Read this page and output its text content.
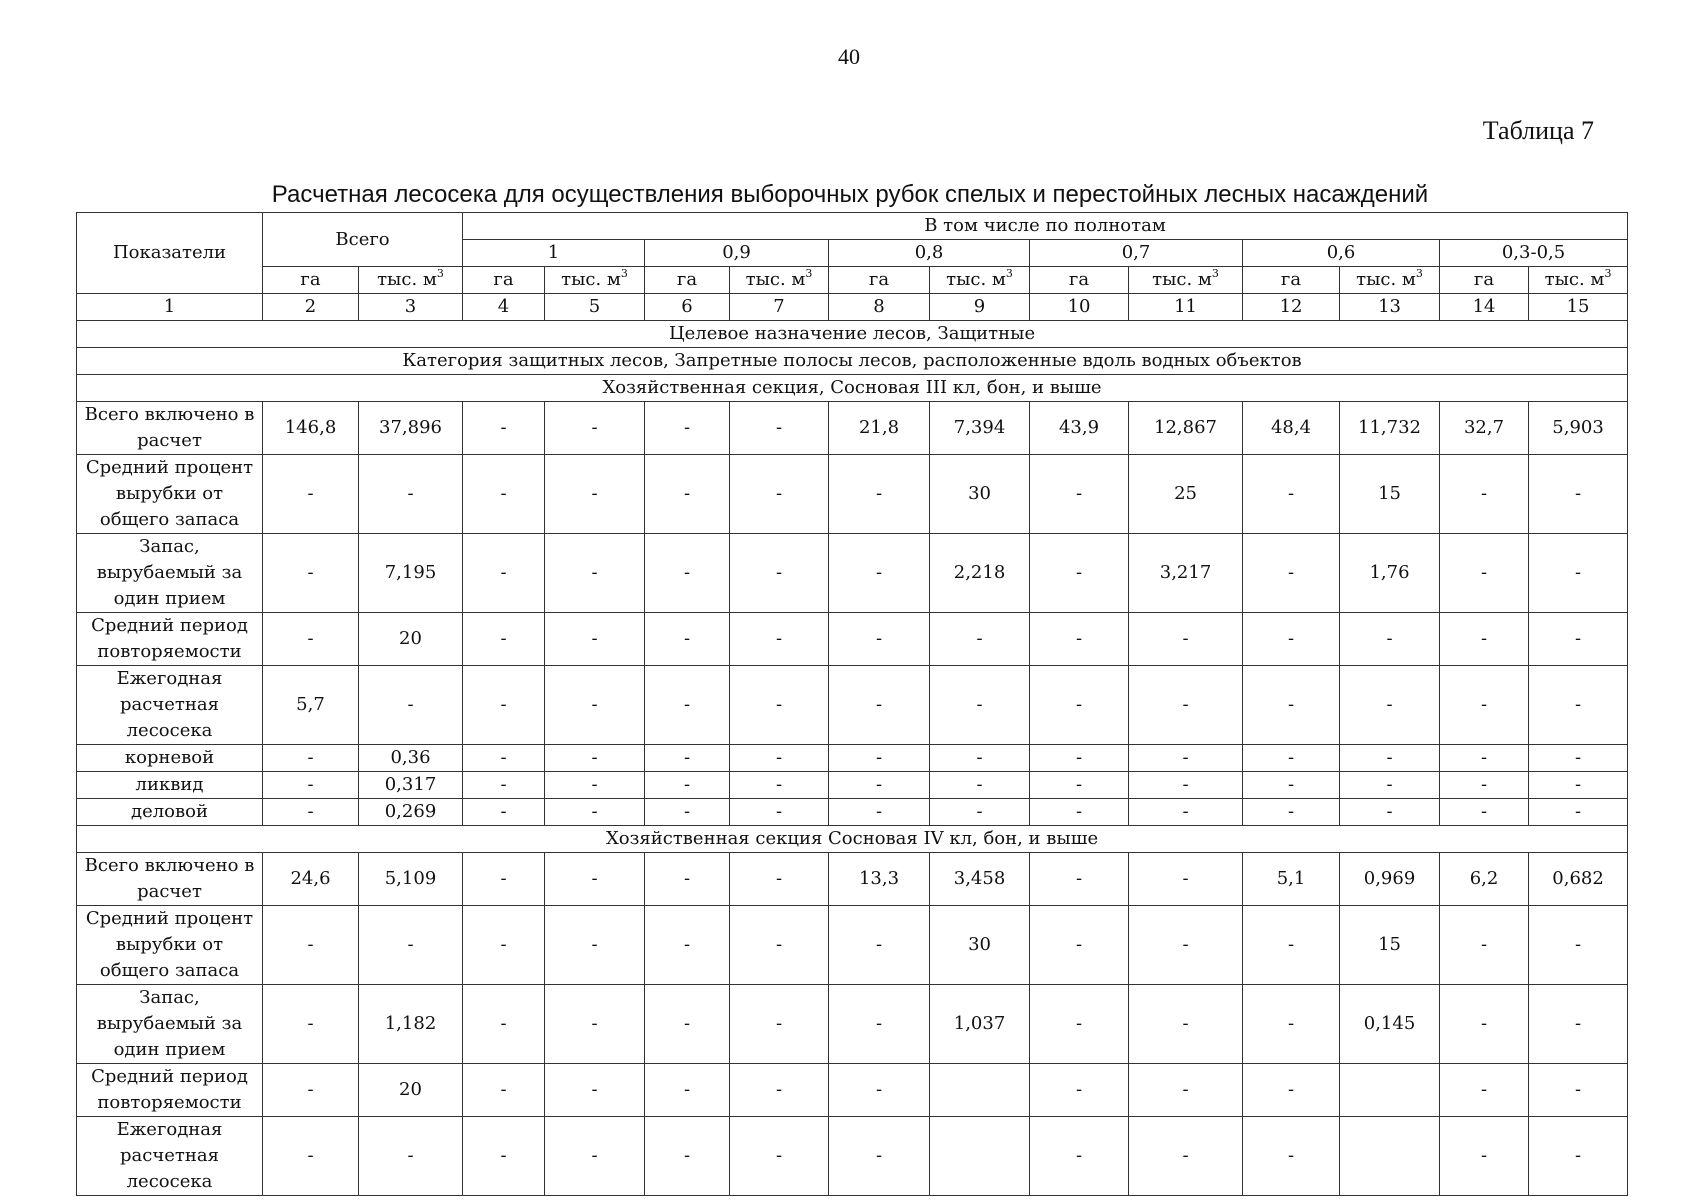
40
Таблица 7
Расчетная лесосека для осуществления выборочных рубок спелых и перестойных лесных насаждений
Показатели	Всего		В том числе по полнотам											
			1		0,9		0,8		0,7		0,6		0,3-0,5	
	га	тыс. $м^3$	га	тыс. $м^3$	га	тыс. $м^3$	га	тыс. $м^3$	га	тыс. $м^3$	га	тыс. $м^3$	га	тыс. $м^3$
1	2	3	4	5	6	7	8	9	10	11	12	13	14	15
Целевое назначение лесов, Защитные														
Категория защитных лесов, Запретные полосы лесов, расположенные вдоль водных объектов														
Хозяйственная секция, Сосновая III кл, бон, и выше														
Всего включено в расчет	146,8	37,896	-	-	-	-	21,8	7,394	43,9	12,867	48,4	11,732	32,7	5,903
Средний процент вырубки от общего запаса	-	-	-	-	-	-	-	30	-	25	-	15	-	-
Запас, вырубаемый за один прием	-	7,195	-	-	-	-	-	2,218	-	3,217	-	1,76	-	-
Средний период повторяемости	-	20	-	-	-	-	-	-	-	-	-	-	-	-
Ежегодная расчетная лесосека	5,7	-	-	-	-	-	-	-	-	-	-	-	-	-
корневой	-	0,36	-	-	-	-	-	-	-	-	-	-	-	-
ликвид	-	0,317	-	-	-	-	-	-	-	-	-	-	-	-
деловой	-	0,269	-	-	-	-	-	-	-	-	-	-	-	-
Хозяйственная секция Сосновая IV кл, бон, и выше														
Всего включено в расчет	24,6	5,109	-	-	-	-	13,3	3,458	-	-	5,1	0,969	6,2	0,682
Средний процент вырубки от общего запаса	-	-	-	-	-	-	-	30	-	-	-	15	-	-
Запас, вырубаемый за один прием	-	1,182	-	-	-	-	-	1,037	-	-	-	0,145	-	-
Средний период повторяемости	-	20	-	-	-	-	-		-	-	-		-	-
Ежегодная расчетная лесосека	-	-	-	-	-	-	-		-	-	-		-	-
